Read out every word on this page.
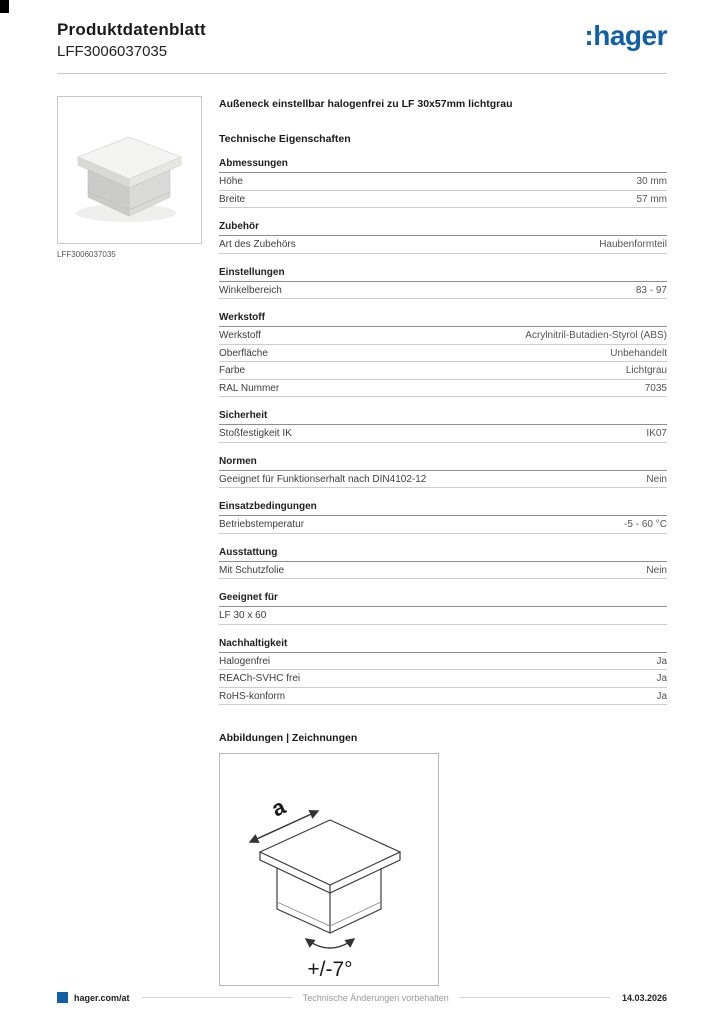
Produktdatenblatt
LFF3006037035
:hager
LFF3006037035
Außeneck einstellbar halogenfrei zu LF 30x57mm lichtgrau
Technische Eigenschaften
Abmessungen
Höhe	30 mm
Breite	57 mm
Zubehör
Art des Zubehörs	Haubenformteil
Einstellungen
Winkelbereich	83 - 97
Werkstoff
Werkstoff	Acrylnitril-Butadien-Styrol (ABS)
Oberfläche	Unbehandelt
Farbe	Lichtgrau
RAL Nummer	7035
Sicherheit
Stoßfestigkeit IK	IK07
Normen
Geeignet für Funktionserhalt nach DIN4102-12	Nein
Einsatzbedingungen
Betriebstemperatur	-5 - 60 °C
Ausstattung
Mit Schutzfolie	Nein
Geeignet für
LF 30 x 60
Nachhaltigkeit
Halogenfrei	Ja
REACh-SVHC frei	Ja
RoHS-konform	Ja
Abbildungen | Zeichnungen
a
+/-7°
hager.com/at	Technische Änderungen vorbehalten	14.03.2026
